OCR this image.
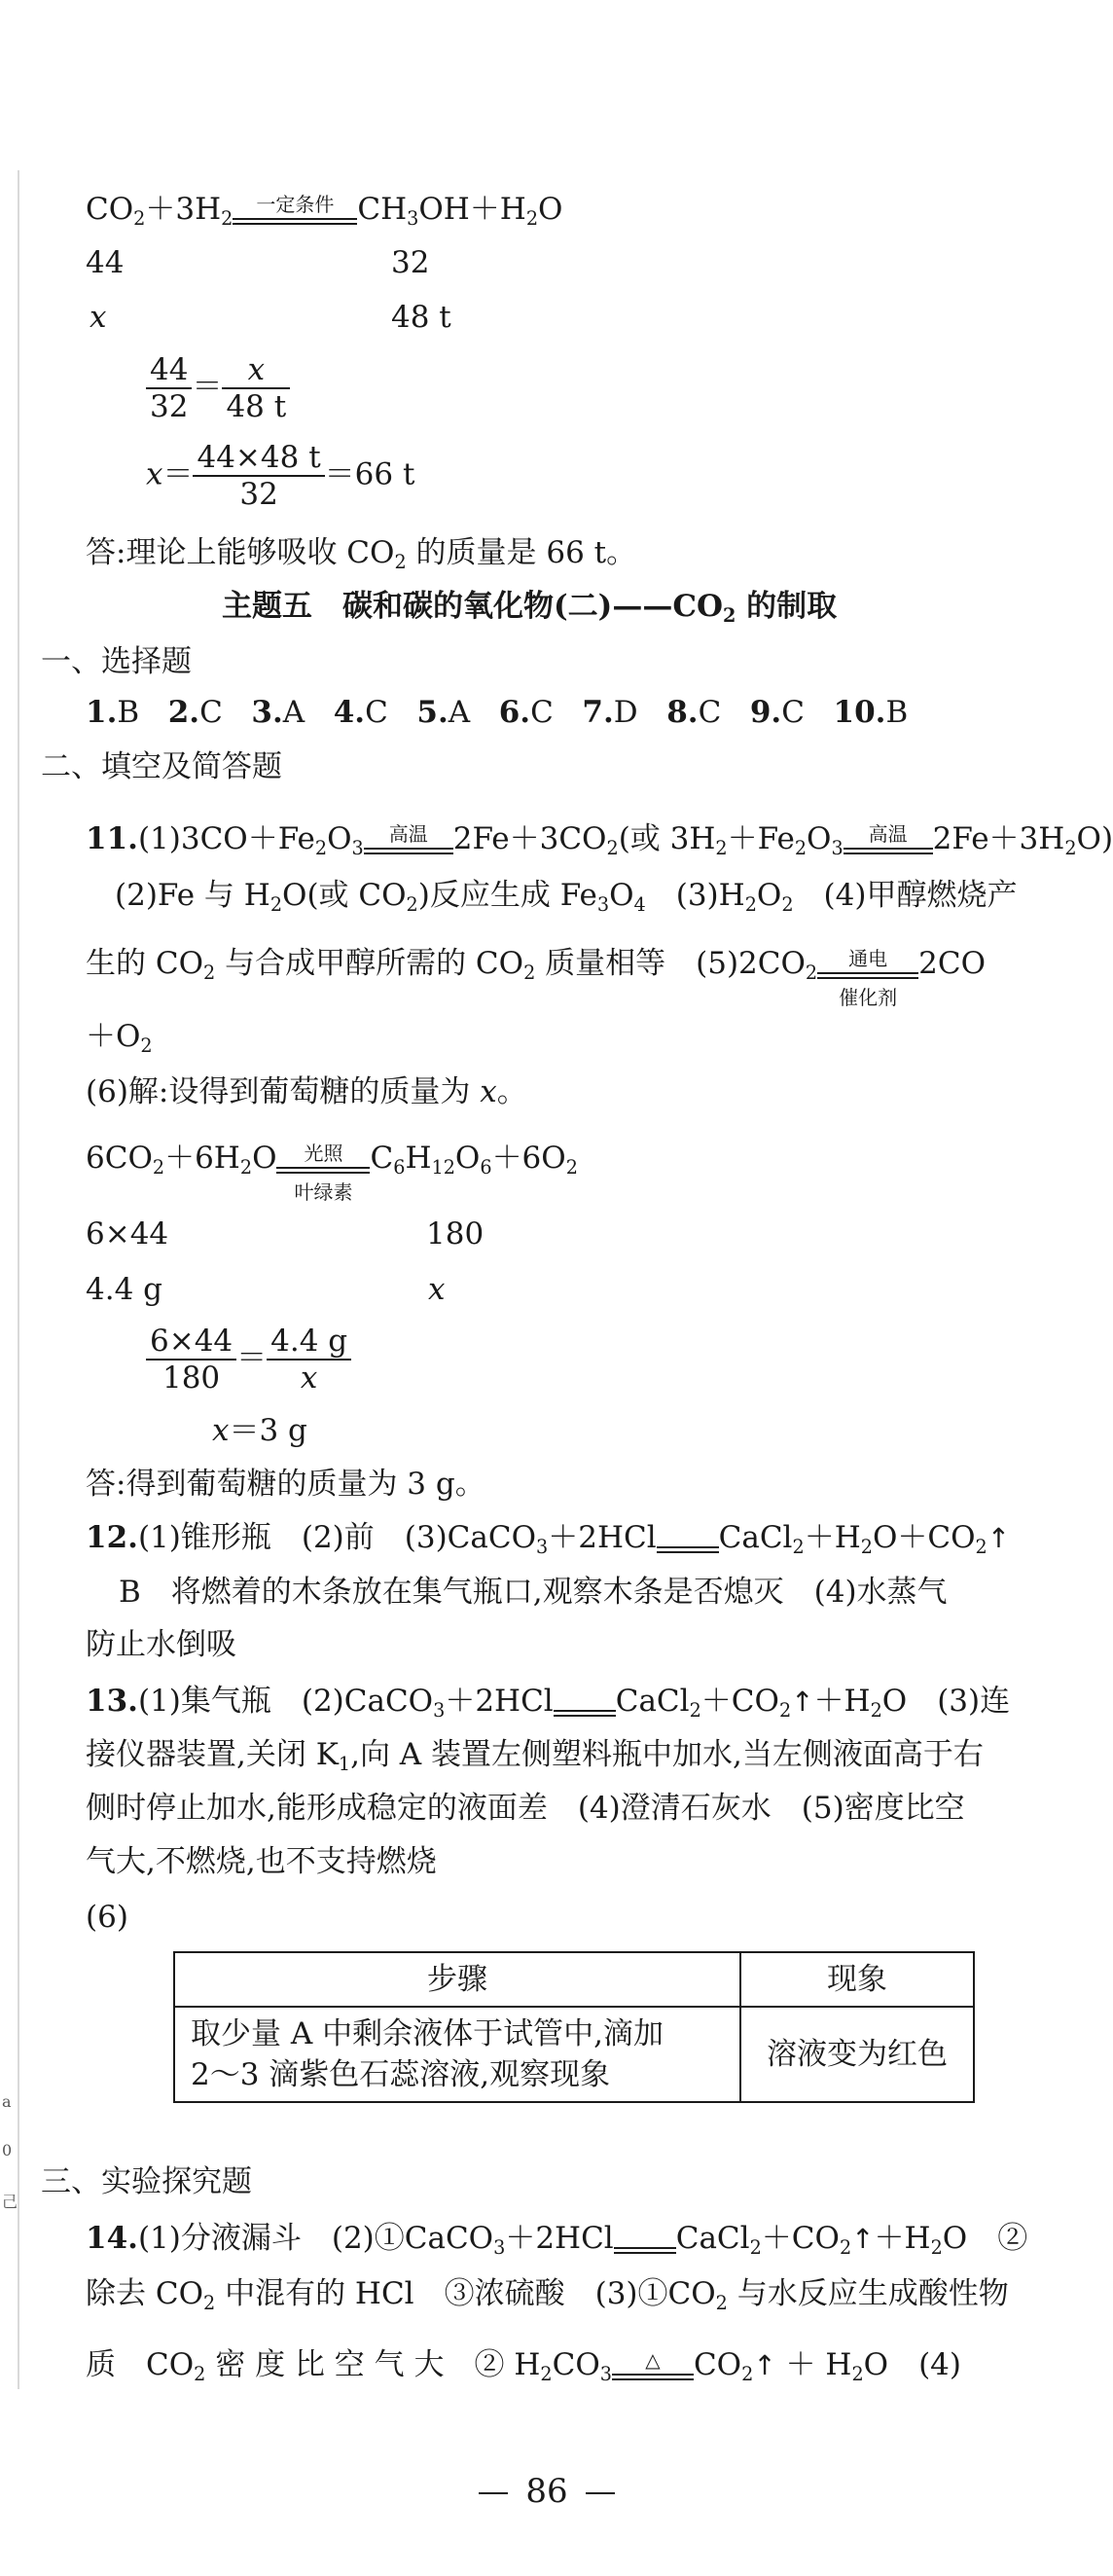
$CO_2+3H_2$
一定条件 $CH_3OH+H_2O$
44	32
x	48 t
$\frac{44}{32} = \frac{x}{48 t}$
$x= \frac{44\times 48 t}{32} =66$ t
答:理论上能够吸收 $CO_2$ 的质量是 66 t。
主题五　碳和碳的氧化物(二)$——CO_2$ 的制取
一、选择题
1.B 2.C 3.A 4.C 5.A 6.C 7.D 8.C 9.C 10.B
二、填空及简答题
$11.(1)3CO+Fe_2O_3$
高温 $2Fe+3CO_2$(或 $3H_2+Fe_2O_3$
高温 $2Fe+3H_2O$)
(2)Fe 与 $H_2O$(或 $CO_2$)反应生成 $Fe_3O_4$　$(3)H_2O_2$　(4)甲醇燃烧产
生的 $CO_2$ 与合成甲醇所需的 $CO_2$ 质量相等　$(5)2CO_2$
通电
催化剂
2CO
$+O_2$
(6)解:设得到葡萄糖的质量为 x。
$6CO_2+6H_2O$	光照
叶绿素
$C_6H_{12}O_6+6O_2$
6×44	180
4.4 g	x
$\frac{6\times 44}{180} = \frac{4.4 g}{x}$
x＝3 g
答:得到葡萄糖的质量为 3 g。
12.(1)锥形瓶　(2)前　(3)CaCO$_3$＋2HCl $CaCl_2+H_2O+CO_2↑$
B　将燃着的木条放在集气瓶口,观察木条是否熄灭　(4)水蒸气
防止水倒吸
13.(1)集气瓶　(2)CaCO$_3$＋2HCl $CaCl_2+CO_2↑+H_2O$　(3)连
接仪器装置,关闭 $K_1$,向 A 装置左侧塑料瓶中加水,当左侧液面高于右
侧时停止加水,能形成稳定的液面差　(4)澄清石灰水　(5)密度比空
气大,不燃烧,也不支持燃烧
(6)
步骤	现象

取少量 A 中剩余液体于试管中,滴加
2～3 滴紫色石蕊溶液,观察现象	溶液变为红色
三、实验探究题
14.(1)分液漏斗　(2)①CaCO$_3$＋2HCl $CaCl_2+CO_2↑+H_2O$　②
除去 $CO_2$ 中混有的 HCl　③浓硫酸　$(3)①CO_2$ 与水反应生成酸性物
质　$CO_2$ 密 度 比 空 气 大　② $H_2CO_3$
△	$CO_2↑ + H_2O$　(4)
86
a
0
己
